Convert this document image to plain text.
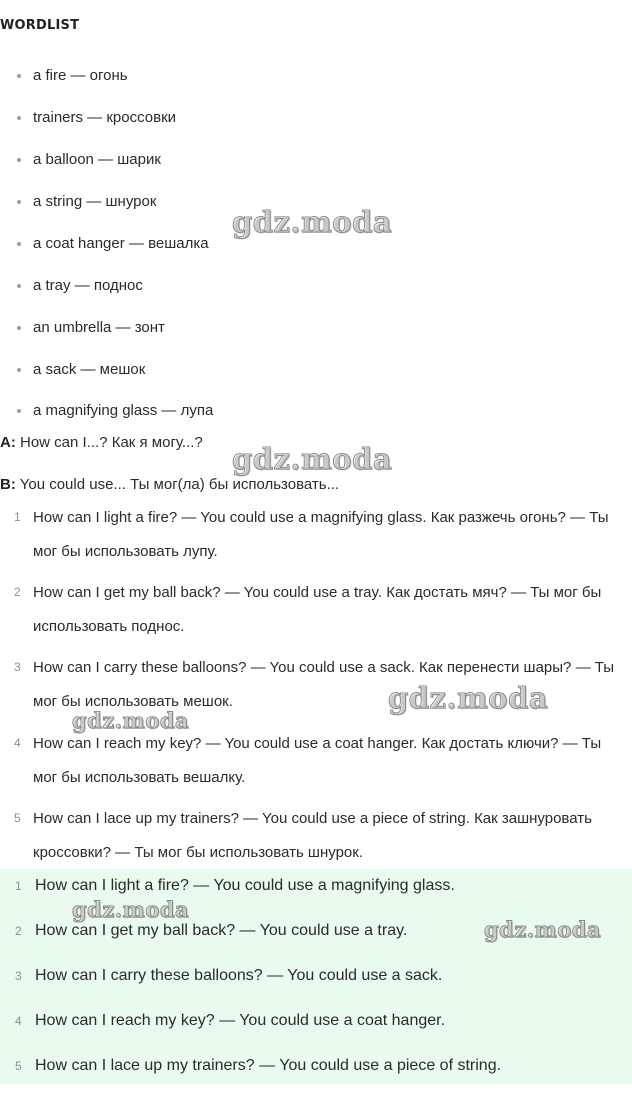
WORDLIST
a fire — огонь
trainers — кроссовки
a balloon — шарик
a string — шнурок
a coat hanger — вешалка
a tray — поднос
an umbrella — зонт
a sack — мешок
a magnifying glass — лупа
A: How can I...? Как я могу...?
B: You could use... Ты мог(ла) бы использовать...
1 How can I light a fire? — You could use a magnifying glass. Как разжечь огонь? — Ты мог бы использовать лупу.
2 How can I get my ball back? — You could use a tray. Как достать мяч? — Ты мог бы использовать поднос.
3 How can I carry these balloons? — You could use a sack. Как перенести шары? — Ты мог бы использовать мешок.
4 How can I reach my key? — You could use a coat hanger. Как достать ключи? — Ты мог бы использовать вешалку.
5 How can I lace up my trainers? — You could use a piece of string. Как зашнуровать кроссовки? — Ты мог бы использовать шнурок.
1 How can I light a fire? — You could use a magnifying glass.
2 How can I get my ball back? — You could use a tray.
3 How can I carry these balloons? — You could use a sack.
4 How can I reach my key? — You could use a coat hanger.
5 How can I lace up my trainers? — You could use a piece of string.
gdz.moda
gdz.moda
gdz.moda
gdz.moda
gdz.moda
gdz.moda
